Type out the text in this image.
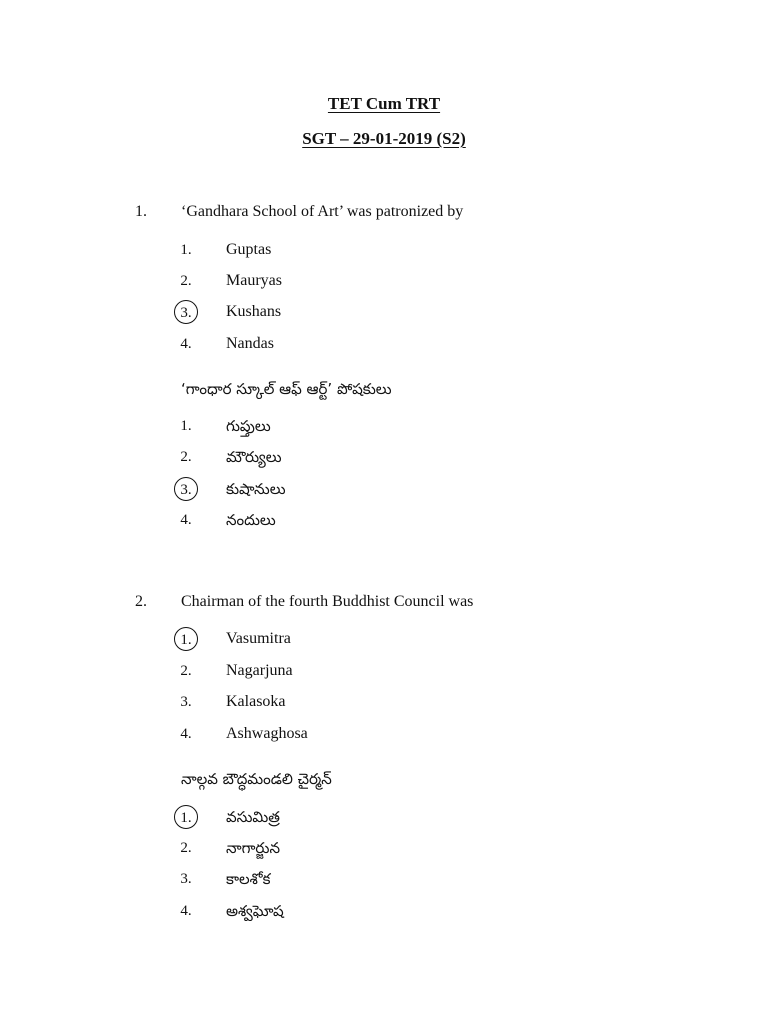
TET Cum TRT
SGT – 29-01-2019 (S2)
1. ‘Gandhara School of Art’ was patronized by
1.	Guptas
2.	Mauryas
3.	Kushans
4.	Nandas
‘గాంధార స్కూల్ ఆఫ్ ఆర్ట్’ పోషకులు
1.	గుప్తులు
2.	మౌర్యులు
3.	కుషానులు
4.	నందులు
2. Chairman of the fourth Buddhist Council was
1.	Vasumitra
2.	Nagarjuna
3.	Kalasoka
4.	Ashwaghosa
నాల్గవ బౌద్ధమండలి చైర్మన్
1.	వసుమిత్ర
2.	నాగార్జున
3.	కాలశోక
4.	అశ్వఘోష
